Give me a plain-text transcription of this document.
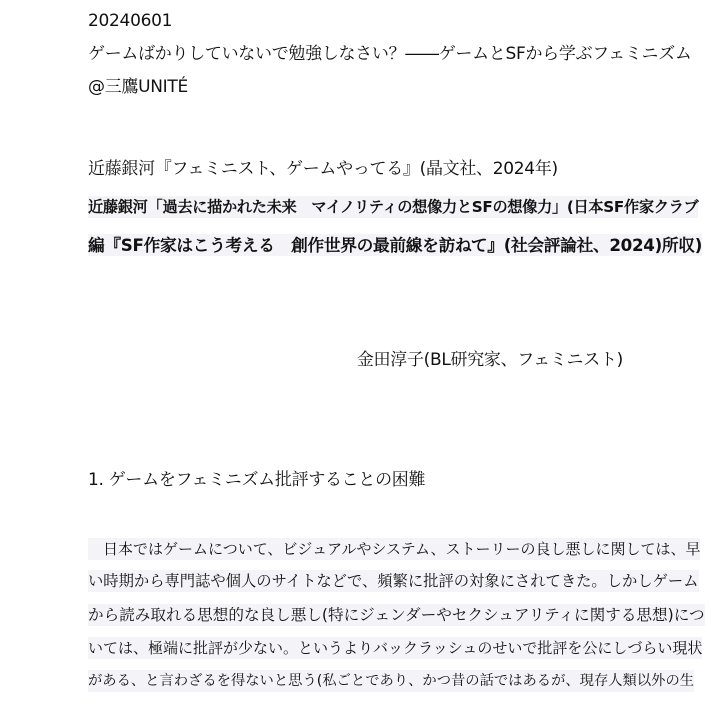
20240601
ゲームばかりしていないで勉強しなさい？――ゲームとSFから学ぶフェミニズム
@三鷹UNITÉ
近藤銀河『フェミニスト、ゲームやってる』(晶文社、2024年)
近藤銀河「過去に描かれた未来　マイノリティの想像力とSFの想像力」(日本SF作家クラブ
編『SF作家はこう考える　創作世界の最前線を訪ねて』(社会評論社、2024)所収)
金田淳子(BL研究家、フェミニスト)
1. ゲームをフェミニズム批評することの困難
　日本ではゲームについて、ビジュアルやシステム、ストーリーの良し悪しに関しては、早
い時期から専門誌や個人のサイトなどで、頻繁に批評の対象にされてきた。しかしゲーム
から読み取れる思想的な良し悪し(特にジェンダーやセクシュアリティに関する思想)につ
いては、極端に批評が少ない。というよりバックラッシュのせいで批評を公にしづらい現状
がある、と言わざるを得ないと思う(私ごとであり、かつ昔の話ではあるが、現存人類以外の生
